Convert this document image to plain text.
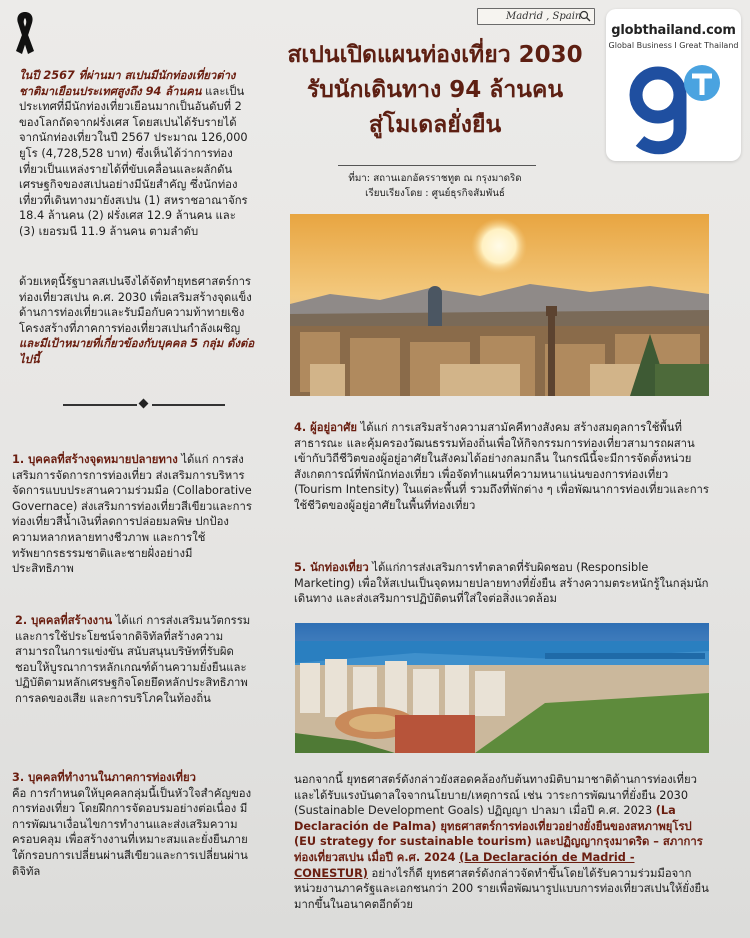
Madrid , Spain
สเปนเปิดแผนท่องเที่ยว 2030
รับนักเดินทาง 94 ล้านคน
สู่โมเดลยั่งยืน
ที่มา: สถานเอกอัครราชทูต ณ กรุงมาดริด
เรียบเรียงโดย : ศูนย์ธุรกิจสัมพันธ์
globthailand.com
Global Business I Great Thailand
ในปี 2567 ที่ผ่านมา สเปนมีนักท่องเที่ยวต่างชาติมาเยือนประเทศสูงถึง 94 ล้านคน และเป็นประเทศที่มีนักท่องเที่ยวเยือนมากเป็นอันดับที่ 2 ของโลกถัดจากฝรั่งเศส โดยสเปนได้รับรายได้จากนักท่องเที่ยวในปี 2567 ประมาณ 126,000 ยูโร (4,728,528 บาท) ซึ่งเห็นได้ว่าการท่องเที่ยวเป็นแหล่งรายได้ที่ขับเคลื่อนและผลักดันเศรษฐกิจของสเปนอย่างมีนัยสำคัญ ซึ่งนักท่องเที่ยวที่เดินทางมายังสเปน (1) สหราชอาณาจักร 18.4 ล้านคน (2) ฝรั่งเศส 12.9 ล้านคน และ (3) เยอรมนี 11.9 ล้านคน ตามลำดับ
ด้วยเหตุนี้รัฐบาลสเปนจึงได้จัดทำยุทธศาสตร์การท่องเที่ยวสเปน ค.ศ. 2030 เพื่อเสริมสร้างจุดแข็งด้านการท่องเที่ยวและรับมือกับความท้าทายเชิงโครงสร้างที่ภาคการท่องเที่ยวสเปนกำลังเผชิญ และมีเป้าหมายที่เกี่ยวข้องกับบุคคล 5 กลุ่ม ดังต่อไปนี้
1. บุคคลที่สร้างจุดหมายปลายทาง ได้แก่ การส่งเสริมการจัดการการท่องเที่ยว ส่งเสริมการบริหารจัดการแบบประสานความร่วมมือ (Collaborative Governace) ส่งเสริมการท่องเที่ยวสีเขียวและการท่องเที่ยวสีน้ำเงินที่ลดการปล่อยมลพิษ ปกป้องความหลากหลายทางชีวภาพ และการใช้ทรัพยากรธรรมชาติและชายฝั่งอย่างมีประสิทธิภาพ
2. บุคคลที่สร้างงาน ได้แก่ การส่งเสริมนวัตกรรมและการใช้ประโยชน์จากดิจิทัลที่สร้างความสามารถในการแข่งขัน สนับสนุนบริษัทที่รับผิดชอบให้บูรณาการหลักเกณฑ์ด้านความยั่งยืนและปฏิบัติตามหลักเศรษฐกิจโดยยึดหลักประสิทธิภาพ การลดของเสีย และการบริโภคในท้องถิ่น
3. บุคคลที่ทำงานในภาคการท่องเที่ยว
คือ การกำหนดให้บุคคลกลุ่มนี้เป็นหัวใจสำคัญของการท่องเที่ยว โดยฝึกการจัดอบรมอย่างต่อเนื่อง มีการพัฒนาเงื่อนไขการทำงานและส่งเสริมความครอบคลุม เพื่อสร้างงานที่เหมาะสมและยั่งยืนภายใต้กรอบการเปลี่ยนผ่านสีเขียวและการเปลี่ยนผ่านดิจิทัล
4. ผู้อยู่อาศัย ได้แก่ การเสริมสร้างความสามัคคีทางสังคม สร้างสมดุลการใช้พื้นที่สาธารณะ และคุ้มครองวัฒนธรรมท้องถิ่นเพื่อให้กิจกรรมการท่องเที่ยวสามารถผสานเข้ากับวิถีชีวิตของผู้อยู่อาศัยในสังคมได้อย่างกลมกลืน ในกรณีนี้จะมีการจัดตั้งหน่วยสังเกตการณ์ที่พักนักท่องเที่ยว เพื่อจัดทำแผนที่ความหนาแน่นของการท่องเที่ยว (Tourism Intensity) ในแต่ละพื้นที่ รวมถึงที่พักต่าง ๆ เพื่อพัฒนาการท่องเที่ยวและการใช้ชีวิตของผู้อยู่อาศัยในพื้นที่ท่องเที่ยว
5. นักท่องเที่ยว ได้แก่การส่งเสริมการทำตลาดที่รับผิดชอบ (Responsible Marketing) เพื่อให้สเปนเป็นจุดหมายปลายทางที่ยั่งยืน สร้างความตระหนักรู้ในกลุ่มนักเดินทาง และส่งเสริมการปฏิบัติตนที่ใส่ใจต่อสิ่งแวดล้อม
นอกจากนี้ ยุทธศาสตร์ดังกล่าวยังสอดคล้องกับต้นทางมิติบามาชาติด้านการท่องเที่ยวและได้รับแรงบันดาลใจจากนโยบาย/เหตุการณ์ เช่น วาระการพัฒนาที่ยั่งยืน 2030 (Sustainable Development Goals) ปฏิญญา ปาลมา เมื่อปี ค.ศ. 2023 (La Declaración de Palma) ยุทธศาสตร์การท่องเที่ยวอย่างยั่งยืนของสหภาพยุโรป (EU strategy for sustainable tourism) และปฏิญญากรุงมาดริด – สภาการท่องเที่ยวสเปน เมื่อปี ค.ศ. 2024 (La Declaración de Madrid - CONESTUR) อย่างไรก็ดี ยุทธศาสตร์ดังกล่าวจัดทำขึ้นโดยได้รับความร่วมมือจากหน่วยงานภาครัฐและเอกชนกว่า 200 รายเพื่อพัฒนารูปแบบการท่องเที่ยวสเปนให้ยั่งยืนมากขึ้นในอนาคตอีกด้วย
